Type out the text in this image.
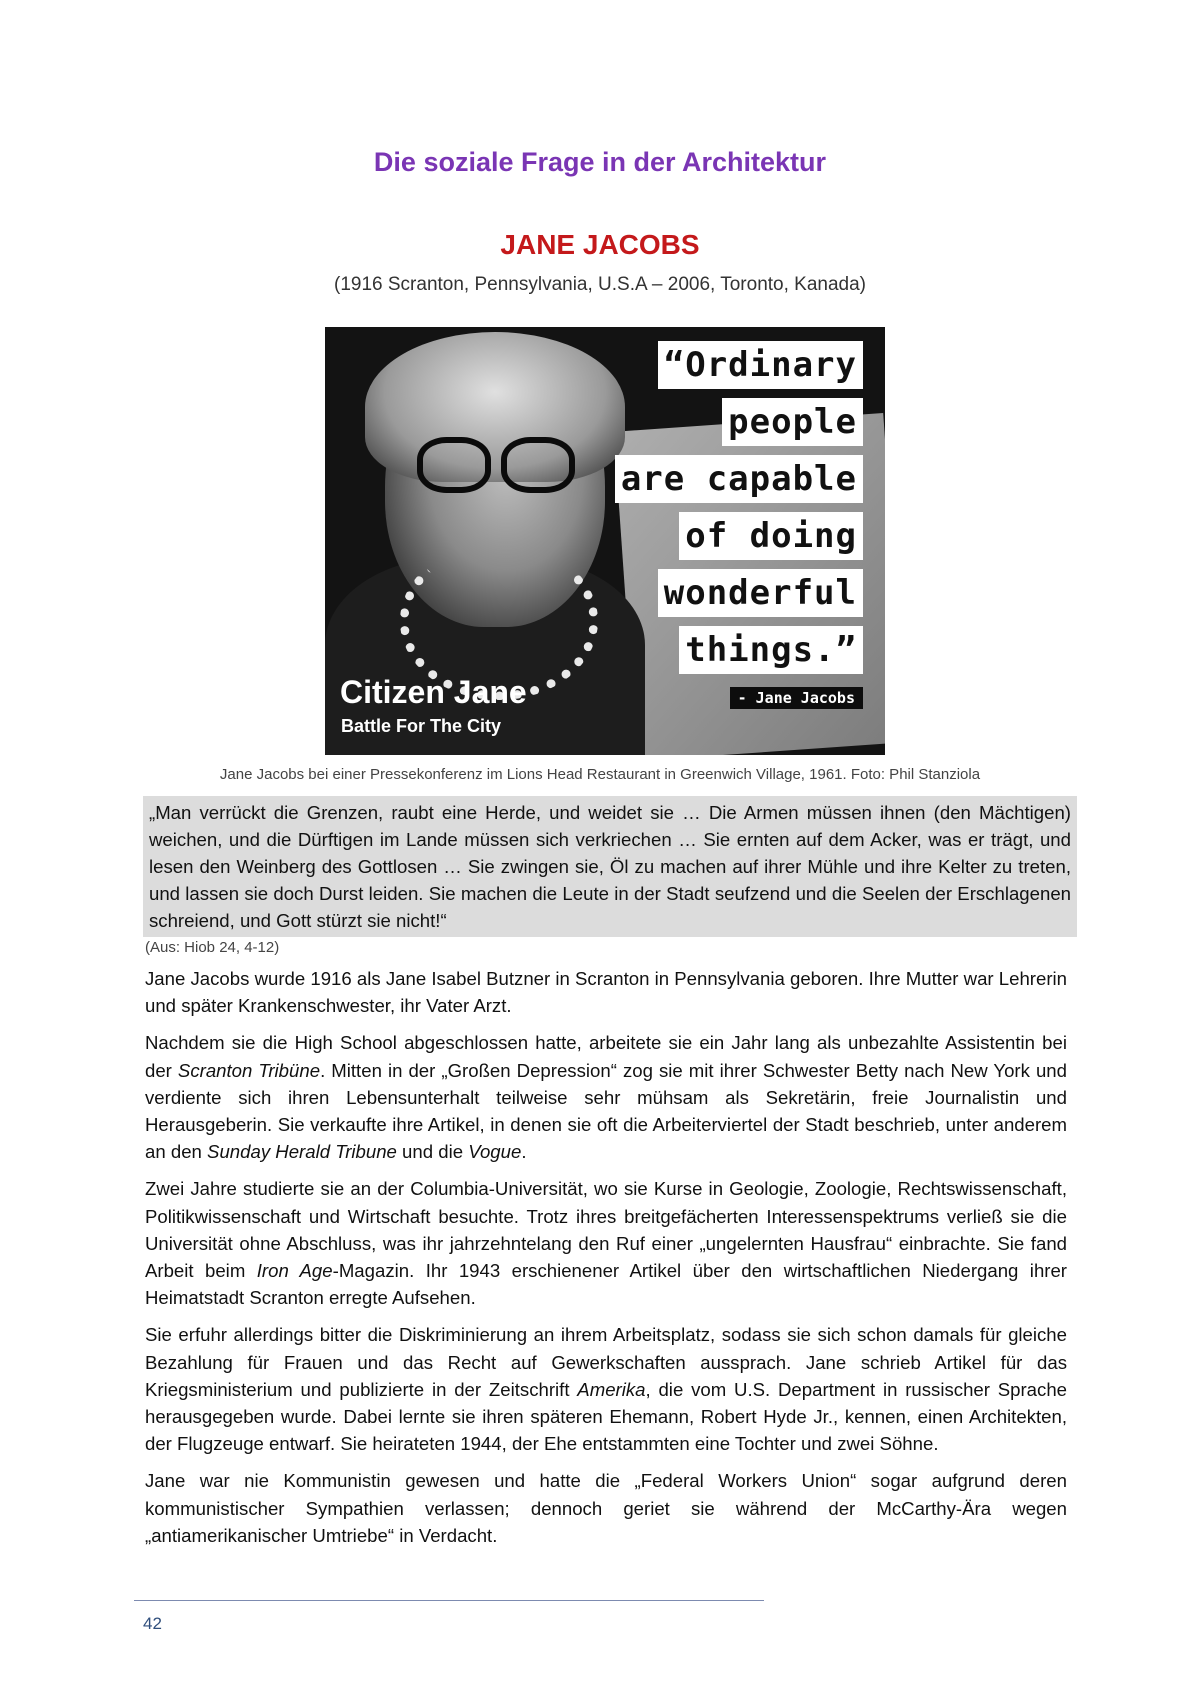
Die soziale Frage in der Architektur
JANE JACOBS
(1916 Scranton, Pennsylvania, U.S.A – 2006, Toronto, Kanada)
“Ordinary
people
are capable
of doing
wonderful
things.”
- Jane Jacobs
Citizen Jane
Battle For The City
Jane Jacobs bei einer Pressekonferenz im Lions Head Restaurant in Greenwich Village, 1961. Foto: Phil Stanziola
„Man verrückt die Grenzen, raubt eine Herde, und weidet sie … Die Armen müssen ihnen (den Mächtigen) weichen, und die Dürftigen im Lande müssen sich verkriechen … Sie ernten auf dem Acker, was er trägt, und lesen den Weinberg des Gottlosen … Sie zwingen sie, Öl zu machen auf ihrer Mühle und ihre Kelter zu treten, und lassen sie doch Durst leiden. Sie machen die Leute in der Stadt seufzend und die Seelen der Erschlagenen schreiend, und Gott stürzt sie nicht!“
(Aus: Hiob 24, 4-12)

Jane Jacobs wurde 1916 als Jane Isabel Butzner in Scranton in Pennsylvania geboren. Ihre Mutter war Lehrerin und später Krankenschwester, ihr Vater Arzt.

Nachdem sie die High School abgeschlossen hatte, arbeitete sie ein Jahr lang als unbezahlte Assistentin bei der Scranton Tribüne. Mitten in der „Großen Depression“ zog sie mit ihrer Schwester Betty nach New York und verdiente sich ihren Lebensunterhalt teilweise sehr mühsam als Sekretärin, freie Journalistin und Herausgeberin. Sie verkaufte ihre Artikel, in denen sie oft die Arbeiterviertel der Stadt beschrieb, unter anderem an den Sunday Herald Tribune und die Vogue.

Zwei Jahre studierte sie an der Columbia-Universität, wo sie Kurse in Geologie, Zoologie, Rechtswissenschaft, Politikwissenschaft und Wirtschaft besuchte. Trotz ihres breitgefächerten Interessenspektrums verließ sie die Universität ohne Abschluss, was ihr jahrzehntelang den Ruf einer „ungelernten Hausfrau“ einbrachte. Sie fand Arbeit beim Iron Age-Magazin. Ihr 1943 erschienener Artikel über den wirtschaftlichen Niedergang ihrer Heimatstadt Scranton erregte Aufsehen.

Sie erfuhr allerdings bitter die Diskriminierung an ihrem Arbeitsplatz, sodass sie sich schon damals für gleiche Bezahlung für Frauen und das Recht auf Gewerkschaften aussprach. Jane schrieb Artikel für das Kriegsministerium und publizierte in der Zeitschrift Amerika, die vom U.S. Department in russischer Sprache herausgegeben wurde. Dabei lernte sie ihren späteren Ehemann, Robert Hyde Jr., kennen, einen Architekten, der Flugzeuge entwarf. Sie heirateten 1944, der Ehe entstammten eine Tochter und zwei Söhne.

Jane war nie Kommunistin gewesen und hatte die „Federal Workers Union“ sogar aufgrund deren kommunistischer Sympathien verlassen; dennoch geriet sie während der McCarthy-Ära wegen „antiamerikanischer Umtriebe“ in Verdacht.

42
